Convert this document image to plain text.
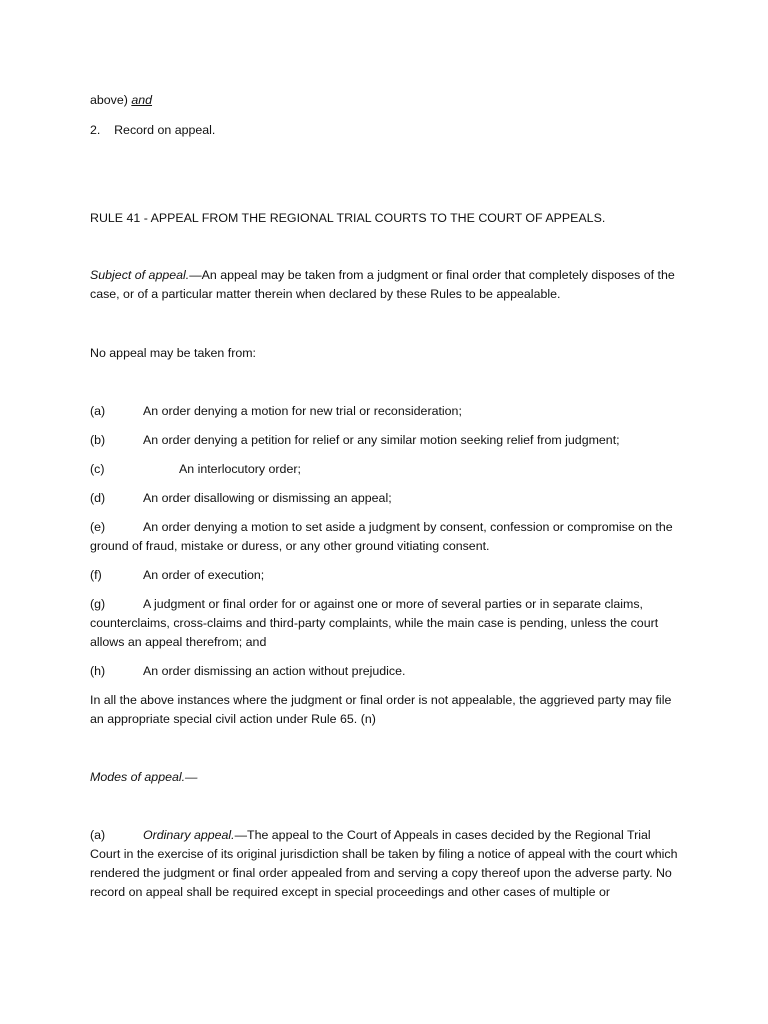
above) and
2.    Record on appeal.
RULE 41 - APPEAL FROM THE REGIONAL TRIAL COURTS TO THE COURT OF APPEALS.
Subject of appeal.—An appeal may be taken from a judgment or final order that completely disposes of the case, or of a particular matter therein when declared by these Rules to be appealable.
No appeal may be taken from:
(a)	An order denying a motion for new trial or reconsideration;
(b)	An order denying a petition for relief or any similar motion seeking relief from judgment;
(c)	An interlocutory order;
(d)	An order disallowing or dismissing an appeal;
(e)	An order denying a motion to set aside a judgment by consent, confession or compromise on the ground of fraud, mistake or duress, or any other ground vitiating consent.
(f)	An order of execution;
(g)	A judgment or final order for or against one or more of several parties or in separate claims, counterclaims, cross-claims and third-party complaints, while the main case is pending, unless the court allows an appeal therefrom; and
(h)	An order dismissing an action without prejudice.
In all the above instances where the judgment or final order is not appealable, the aggrieved party may file an appropriate special civil action under Rule 65. (n)
Modes of appeal.—
(a)	Ordinary appeal.—The appeal to the Court of Appeals in cases decided by the Regional Trial Court in the exercise of its original jurisdiction shall be taken by filing a notice of appeal with the court which rendered the judgment or final order appealed from and serving a copy thereof upon the adverse party. No record on appeal shall be required except in special proceedings and other cases of multiple or
